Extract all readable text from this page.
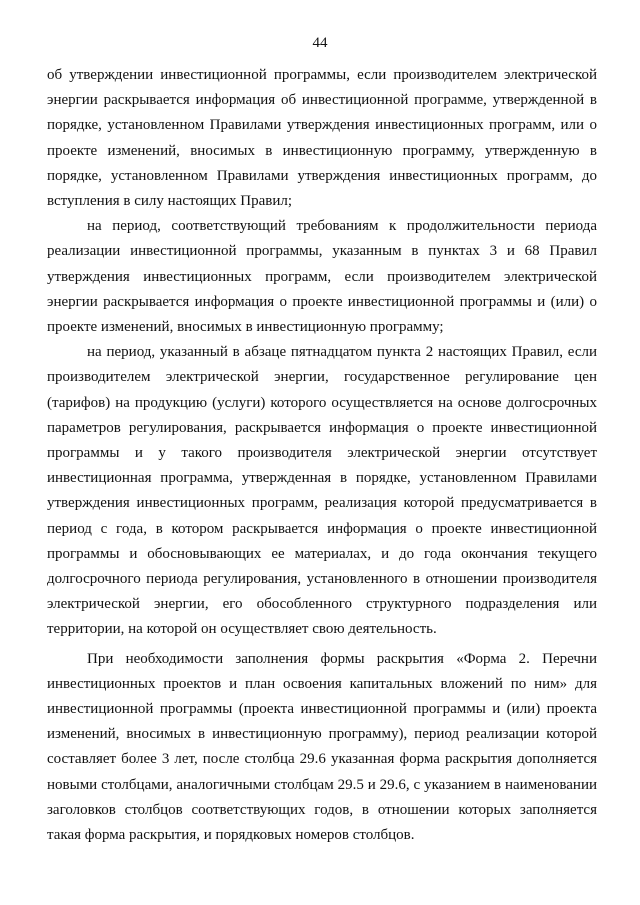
44

об утверждении инвестиционной программы, если производителем электрической энергии раскрывается информация об инвестиционной программе, утвержденной в порядке, установленном Правилами утверждения инвестиционных программ, или о проекте изменений, вносимых в инвестиционную программу, утвержденную в порядке, установленном Правилами утверждения инвестиционных программ, до вступления в силу настоящих Правил;

на период, соответствующий требованиям к продолжительности периода реализации инвестиционной программы, указанным в пунктах 3 и 68 Правил утверждения инвестиционных программ, если производителем электрической энергии раскрывается информация о проекте инвестиционной программы и (или) о проекте изменений, вносимых в инвестиционную программу;

на период, указанный в абзаце пятнадцатом пункта 2 настоящих Правил, если производителем электрической энергии, государственное регулирование цен (тарифов) на продукцию (услуги) которого осуществляется на основе долгосрочных параметров регулирования, раскрывается информация о проекте инвестиционной программы и у такого производителя электрической энергии отсутствует инвестиционная программа, утвержденная в порядке, установленном Правилами утверждения инвестиционных программ, реализация которой предусматривается в период с года, в котором раскрывается информация о проекте инвестиционной программы и обосновывающих ее материалах, и до года окончания текущего долгосрочного периода регулирования, установленного в отношении производителя электрической энергии, его обособленного структурного подразделения или территории, на которой он осуществляет свою деятельность.

При необходимости заполнения формы раскрытия «Форма 2. Перечни инвестиционных проектов и план освоения капитальных вложений по ним» для инвестиционной программы (проекта инвестиционной программы и (или) проекта изменений, вносимых в инвестиционную программу), период реализации которой составляет более 3 лет, после столбца 29.6 указанная форма раскрытия дополняется новыми столбцами, аналогичными столбцам 29.5 и 29.6, с указанием в наименовании заголовков столбцов соответствующих годов, в отношении которых заполняется такая форма раскрытия, и порядковых номеров столбцов.
